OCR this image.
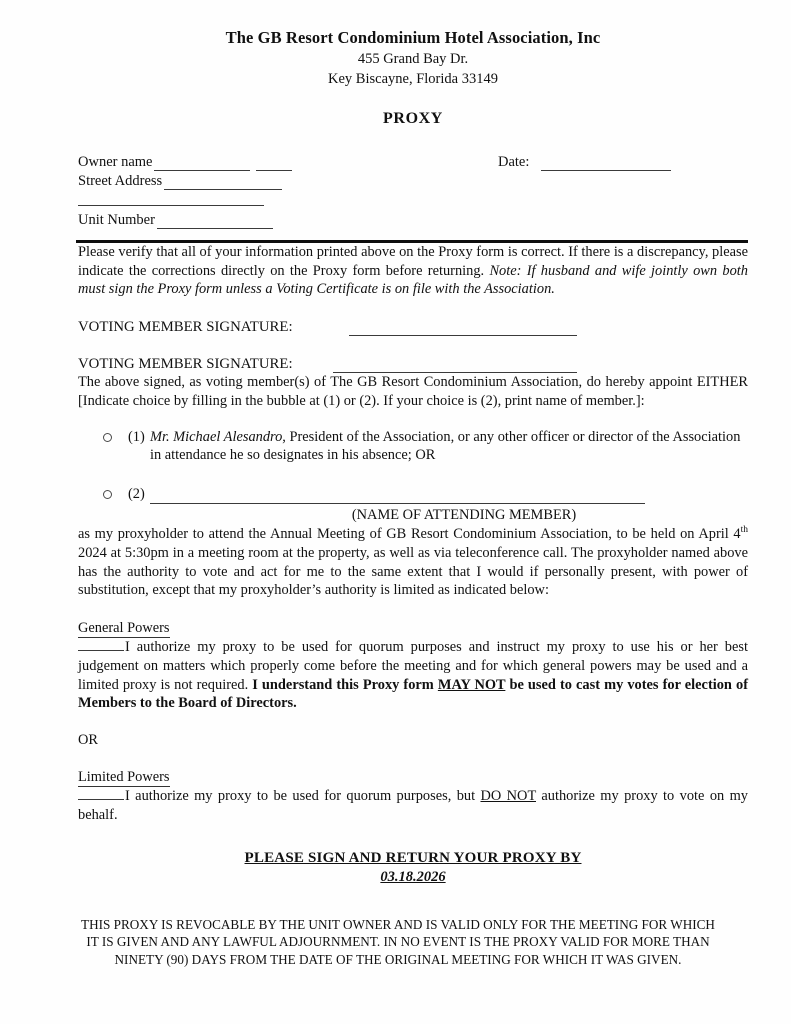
The GB Resort Condominium Hotel Association, Inc
455 Grand Bay Dr.
Key Biscayne, Florida 33149
PROXY
Owner name
Street Address
Unit Number
Date:

Please verify that all of your information printed above on the Proxy form is correct. If there is a discrepancy, please indicate the corrections directly on the Proxy form before returning. Note: If husband and wife jointly own both must sign the Proxy form unless a Voting Certificate is on file with the Association.

VOTING MEMBER SIGNATURE:
VOTING MEMBER SIGNATURE:

The above signed, as voting member(s) of The GB Resort Condominium Association, do hereby appoint EITHER [Indicate choice by filling in the bubble at (1) or (2). If your choice is (2), print name of member.]:

(1) Mr. Michael Alesandro, President of the Association, or any other officer or director of the Association in attendance he so designates in his absence; OR
(2)
(NAME OF ATTENDING MEMBER)

as my proxyholder to attend the Annual Meeting of GB Resort Condominium Association, to be held on April 4th 2024 at 5:30pm in a meeting room at the property, as well as via teleconference call. The proxyholder named above has the authority to vote and act for me to the same extent that I would if personally present, with power of substitution, except that my proxyholder’s authority is limited as indicated below:

General Powers

I authorize my proxy to be used for quorum purposes and instruct my proxy to use his or her best judgement on matters which properly come before the meeting and for which general powers may be used and a limited proxy is not required. I understand this Proxy form MAY NOT be used to cast my votes for election of Members to the Board of Directors.

OR
Limited Powers

I authorize my proxy to be used for quorum purposes, but DO NOT authorize my proxy to vote on my behalf.

PLEASE SIGN AND RETURN YOUR PROXY BY
03.18.2026
THIS PROXY IS REVOCABLE BY THE UNIT OWNER AND IS VALID ONLY FOR THE MEETING FOR WHICH IT IS GIVEN AND ANY LAWFUL ADJOURNMENT. IN NO EVENT IS THE PROXY VALID FOR MORE THAN NINETY (90) DAYS FROM THE DATE OF THE ORIGINAL MEETING FOR WHICH IT WAS GIVEN.
